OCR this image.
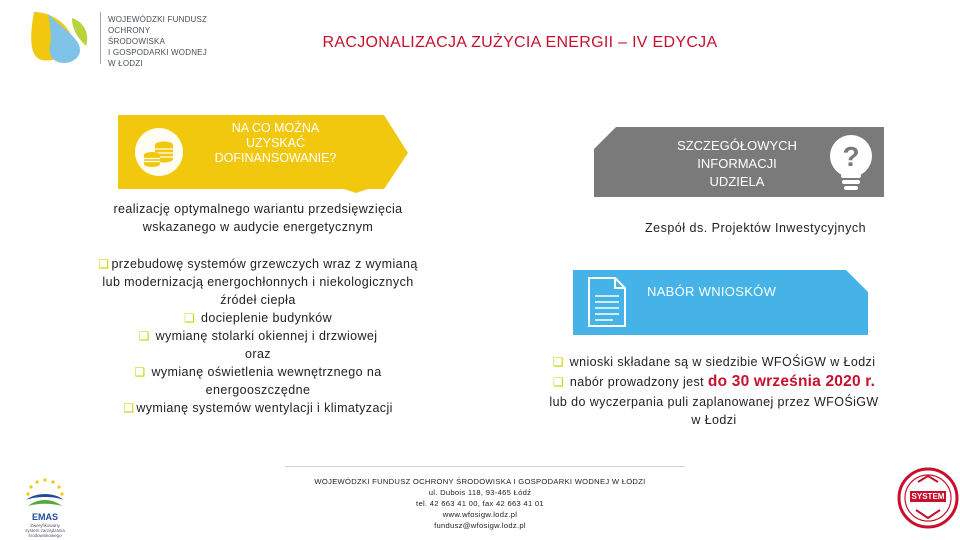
WOJEWÓDZKI FUNDUSZ
OCHRONY ŚRODOWISKA
I GOSPODARKI WODNEJ
W ŁODZI
RACJONALIZACJA ZUŻYCIA ENERGII – IV EDYCJA
NA CO MOŻNA
UZYSKAĆ
DOFINANSOWANIE?
SZCZEGÓŁOWYCH
INFORMACJI
UDZIELA
?
realizację optymalnego wariantu przedsięwzięcia
wskazanego w audycie energetycznym
❑ przebudowę systemów grzewczych wraz z wymianą
lub modernizacją energochłonnych i niekologicznych
źródeł ciepła
❑ docieplenie budynków
❑ wymianę stolarki okiennej i drzwiowej
oraz
❑ wymianę oświetlenia wewnętrznego na
energooszczędne
❑ wymianę systemów wentylacji i klimatyzacji
Zespół ds. Projektów Inwestycyjnych
NABÓR WNIOSKÓW
❑ wnioski składane są w siedzibie WFOŚiGW w Łodzi
❑ nabór prowadzony jest do 30 września 2020 r.
lub do wyczerpania puli zaplanowanej przez WFOŚiGW
w Łodzi
WOJEWÓDZKI FUNDUSZ OCHRONY ŚRODOWISKA I GOSPODARKI WODNEJ W ŁODZI
ul. Dubois 118, 93-465 Łódź
tel. 42 663 41 00, fax 42 663 41 01
www.wfosigw.lodz.pl
fundusz@wfosigw.lodz.pl
EMAS
Zweryfikowany
system zarządzania
środowiskowego
SYSTEM
